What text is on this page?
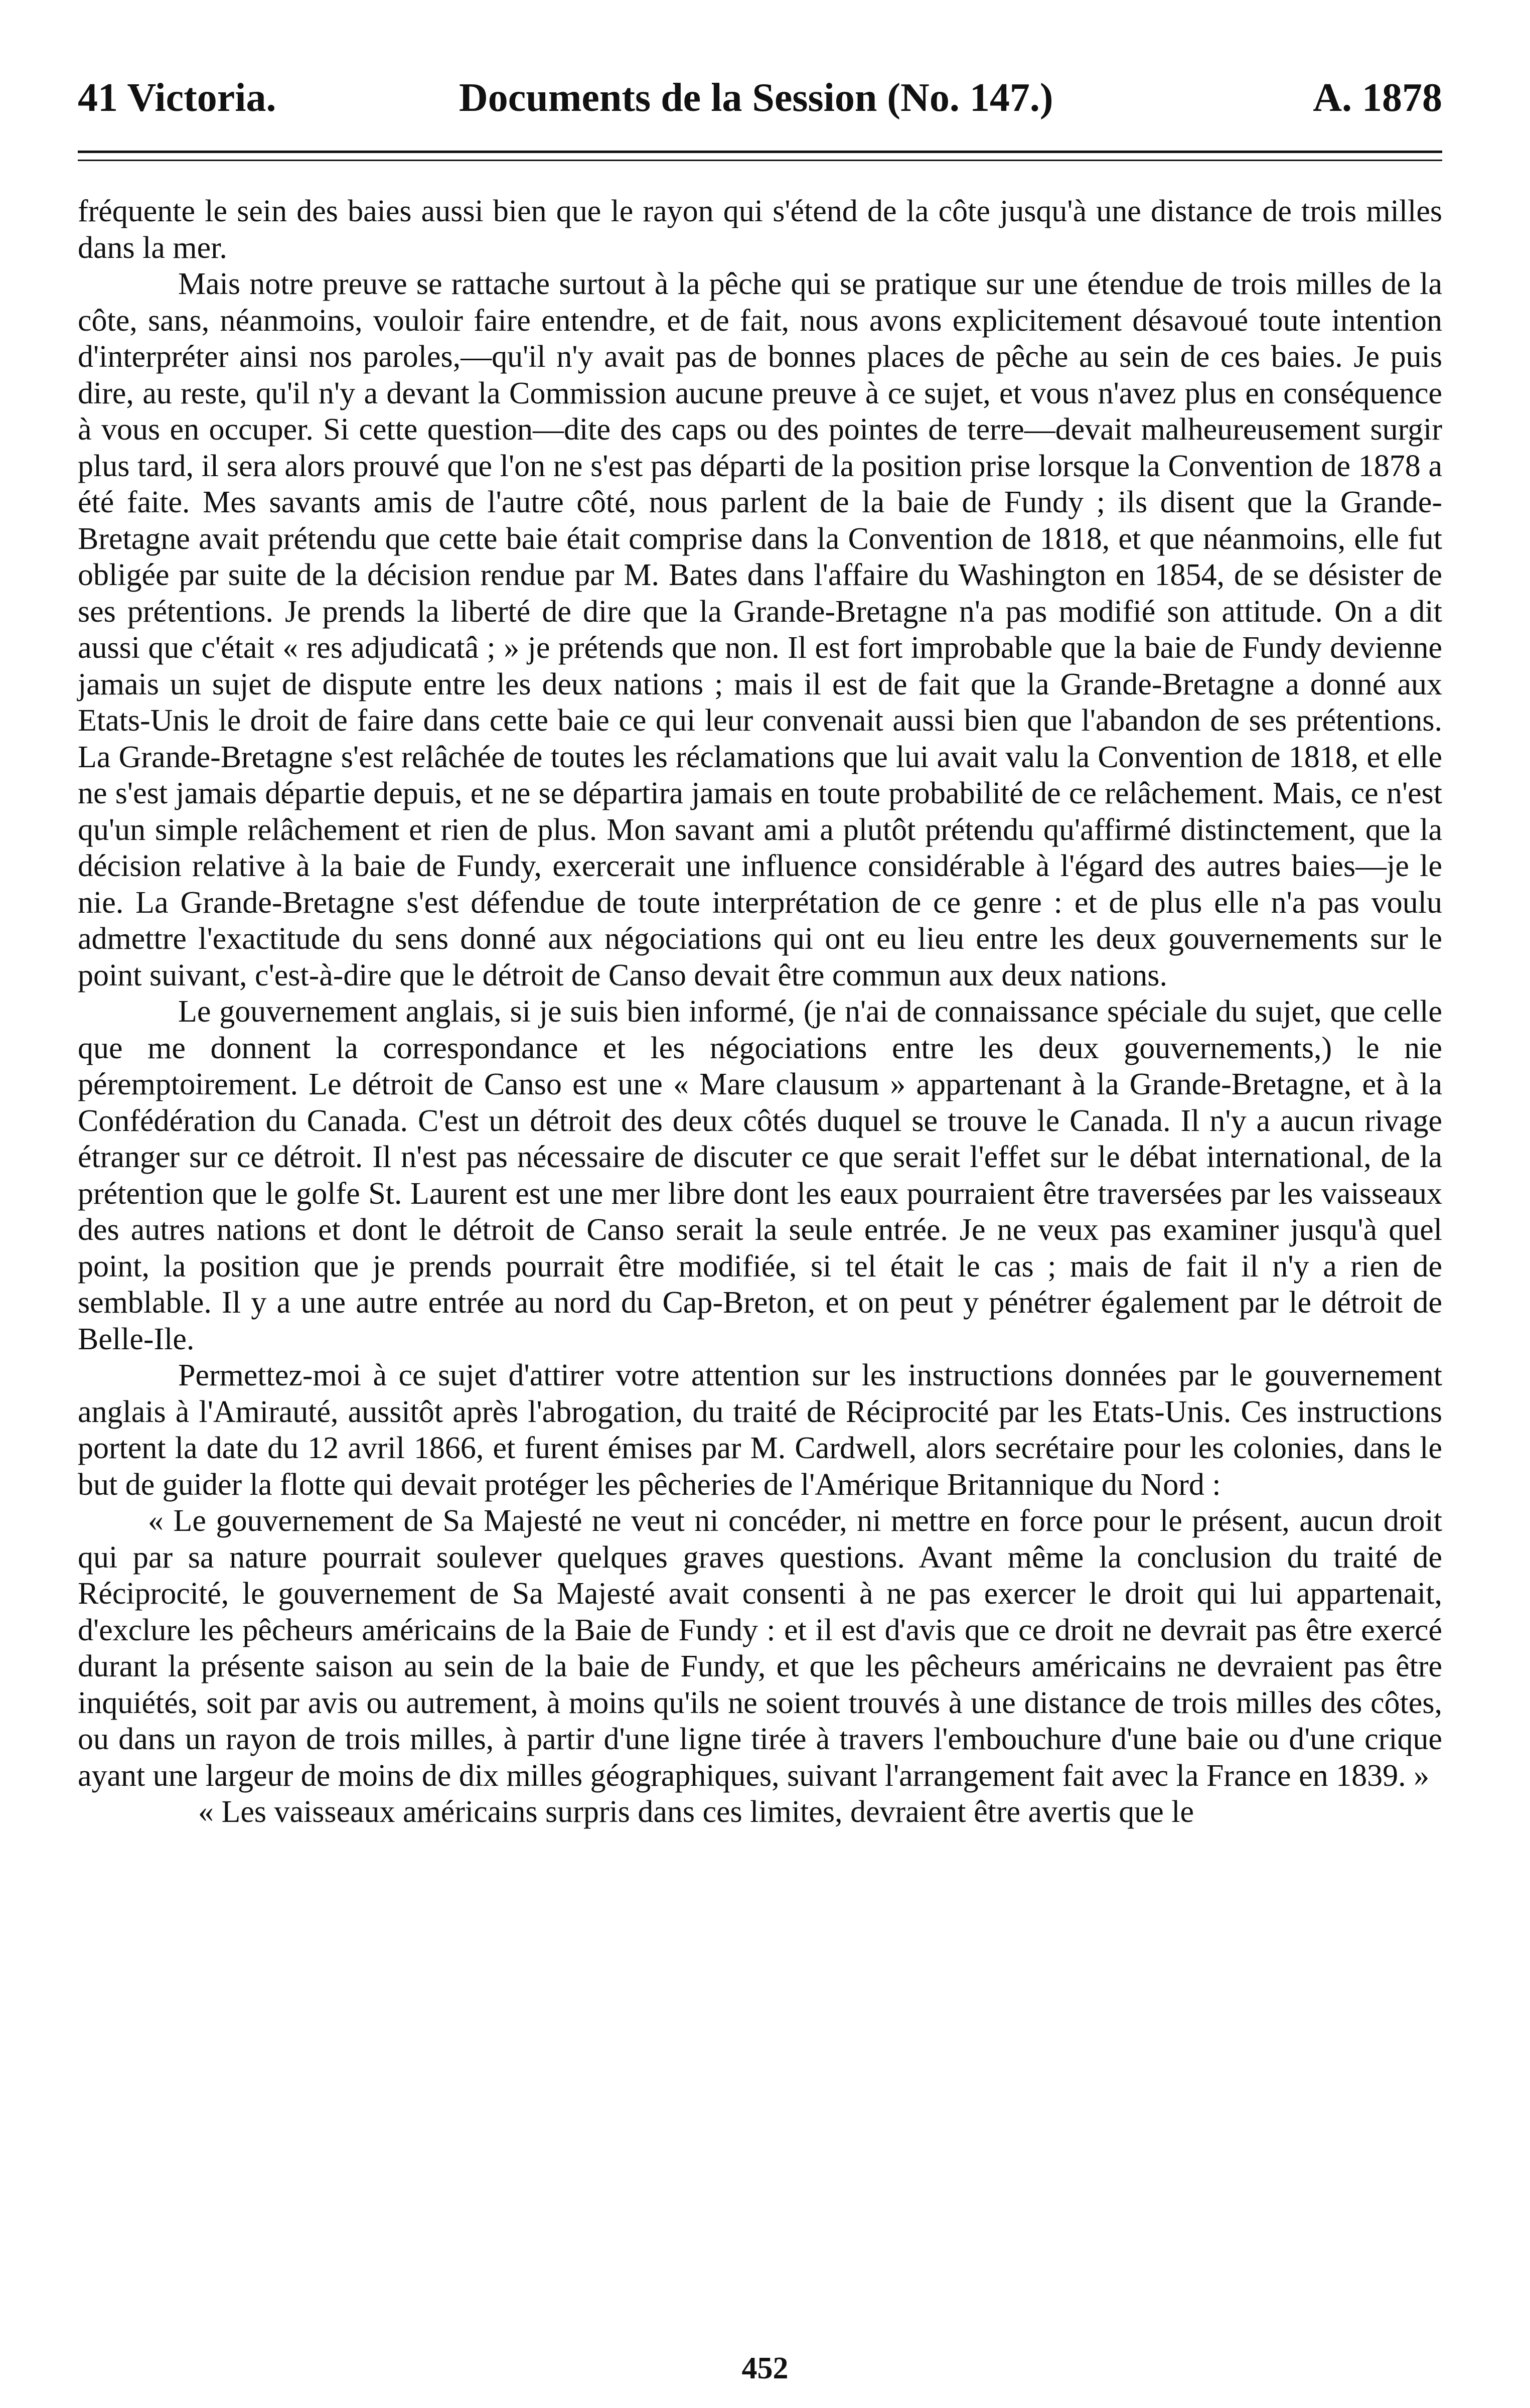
41 Victoria.	Documents de la Session (No. 147.)	A. 1878

fréquente le sein des baies aussi bien que le rayon qui s'étend de la côte jusqu'à une distance de trois milles dans la mer.

Mais notre preuve se rattache surtout à la pêche qui se pratique sur une étendue de trois milles de la côte, sans, néanmoins, vouloir faire entendre, et de fait, nous avons explicitement désavoué toute intention d'interpréter ainsi nos paroles,—qu'il n'y avait pas de bonnes places de pêche au sein de ces baies. Je puis dire, au reste, qu'il n'y a devant la Commission aucune preuve à ce sujet, et vous n'avez plus en conséquence à vous en occuper. Si cette question—dite des caps ou des pointes de terre—devait malheureusement surgir plus tard, il sera alors prouvé que l'on ne s'est pas départi de la position prise lorsque la Convention de 1878 a été faite. Mes savants amis de l'autre côté, nous parlent de la baie de Fundy ; ils disent que la Grande-Bretagne avait prétendu que cette baie était comprise dans la Convention de 1818, et que néanmoins, elle fut obligée par suite de la décision rendue par M. Bates dans l'affaire du Washington en 1854, de se désister de ses prétentions. Je prends la liberté de dire que la Grande-Bretagne n'a pas modifié son attitude. On a dit aussi que c'était « res adjudicatâ ; » je prétends que non. Il est fort improbable que la baie de Fundy devienne jamais un sujet de dispute entre les deux nations ; mais il est de fait que la Grande-Bretagne a donné aux Etats-Unis le droit de faire dans cette baie ce qui leur convenait aussi bien que l'abandon de ses prétentions. La Grande-Bretagne s'est relâchée de toutes les réclamations que lui avait valu la Convention de 1818, et elle ne s'est jamais départie depuis, et ne se départira jamais en toute probabilité de ce relâchement. Mais, ce n'est qu'un simple relâchement et rien de plus. Mon savant ami a plutôt prétendu qu'affirmé distinctement, que la décision relative à la baie de Fundy, exercerait une influence considérable à l'égard des autres baies—je le nie. La Grande-Bretagne s'est défendue de toute interprétation de ce genre : et de plus elle n'a pas voulu admettre l'exactitude du sens donné aux négociations qui ont eu lieu entre les deux gouvernements sur le point suivant, c'est-à-dire que le détroit de Canso devait être commun aux deux nations.

Le gouvernement anglais, si je suis bien informé, (je n'ai de connaissance spéciale du sujet, que celle que me donnent la correspondance et les négociations entre les deux gouvernements,) le nie péremptoirement. Le détroit de Canso est une « Mare clausum » appartenant à la Grande-Bretagne, et à la Confédération du Canada. C'est un détroit des deux côtés duquel se trouve le Canada. Il n'y a aucun rivage étranger sur ce détroit. Il n'est pas nécessaire de discuter ce que serait l'effet sur le débat international, de la prétention que le golfe St. Laurent est une mer libre dont les eaux pourraient être traversées par les vaisseaux des autres nations et dont le détroit de Canso serait la seule entrée. Je ne veux pas examiner jusqu'à quel point, la position que je prends pourrait être modifiée, si tel était le cas ; mais de fait il n'y a rien de semblable. Il y a une autre entrée au nord du Cap-Breton, et on peut y pénétrer également par le détroit de Belle-Ile.

Permettez-moi à ce sujet d'attirer votre attention sur les instructions données par le gouvernement anglais à l'Amirauté, aussitôt après l'abrogation, du traité de Réciprocité par les Etats-Unis. Ces instructions portent la date du 12 avril 1866, et furent émises par M. Cardwell, alors secrétaire pour les colonies, dans le but de guider la flotte qui devait protéger les pêcheries de l'Amérique Britannique du Nord :

« Le gouvernement de Sa Majesté ne veut ni concéder, ni mettre en force pour le présent, aucun droit qui par sa nature pourrait soulever quelques graves questions. Avant même la conclusion du traité de Réciprocité, le gouvernement de Sa Majesté avait consenti à ne pas exercer le droit qui lui appartenait, d'exclure les pêcheurs américains de la Baie de Fundy : et il est d'avis que ce droit ne devrait pas être exercé durant la présente saison au sein de la baie de Fundy, et que les pêcheurs américains ne devraient pas être inquiétés, soit par avis ou autrement, à moins qu'ils ne soient trouvés à une distance de trois milles des côtes, ou dans un rayon de trois milles, à partir d'une ligne tirée à travers l'embouchure d'une baie ou d'une crique ayant une largeur de moins de dix milles géographiques, suivant l'arrangement fait avec la France en 1839. »

« Les vaisseaux américains surpris dans ces limites, devraient être avertis que le

452
